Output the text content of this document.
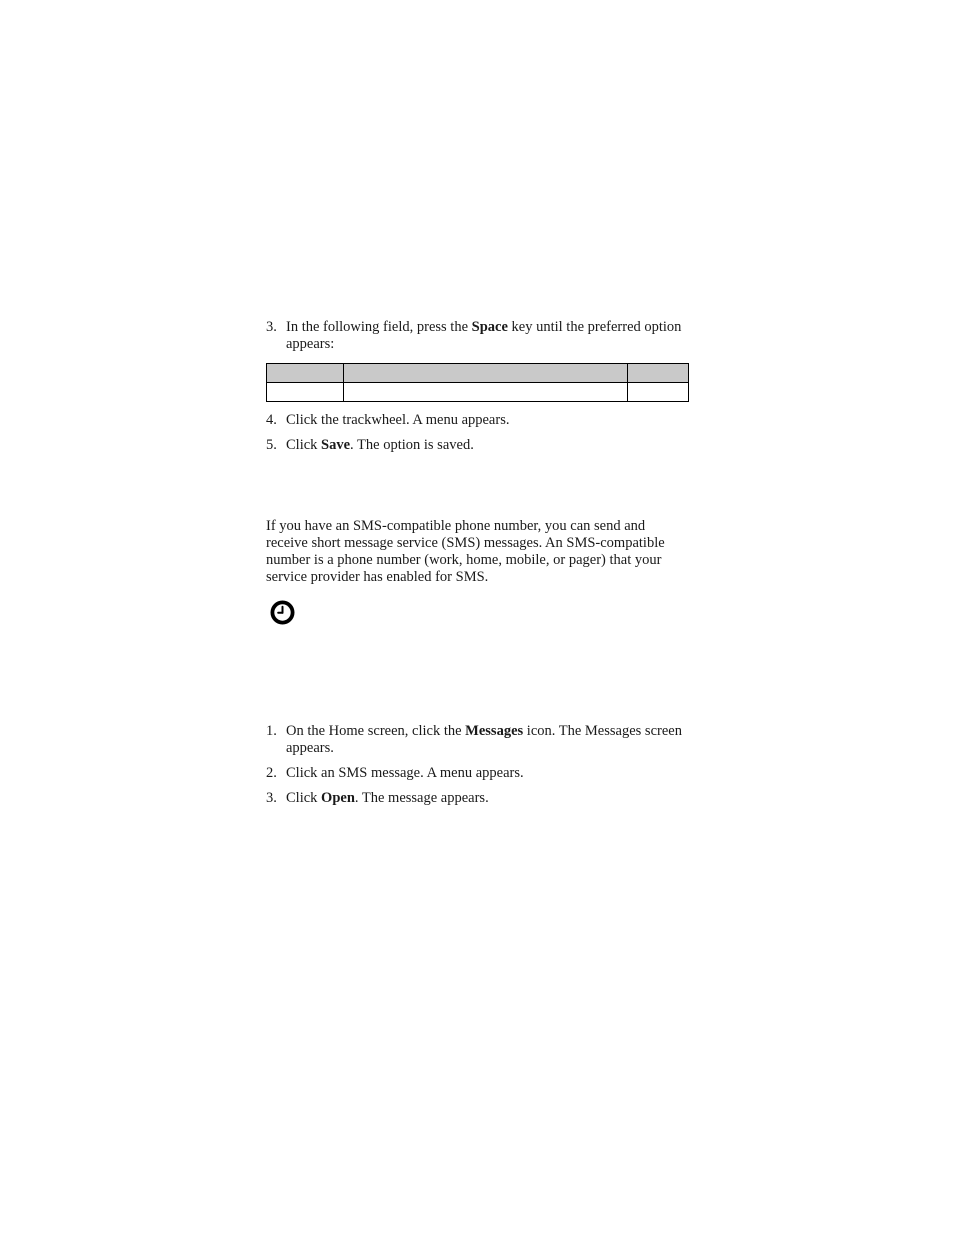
3. In the following field, press the Space key until the preferred option appears:

4. Click the trackwheel. A menu appears.

5. Click Save. The option is saved.

If you have an SMS-compatible phone number, you can send and receive short message service (SMS) messages. An SMS-compatible number is a phone number (work, home, mobile, or pager) that your service provider has enabled for SMS.

1. On the Home screen, click the Messages icon. The Messages screen appears.

2. Click an SMS message. A menu appears.

3. Click Open. The message appears.
